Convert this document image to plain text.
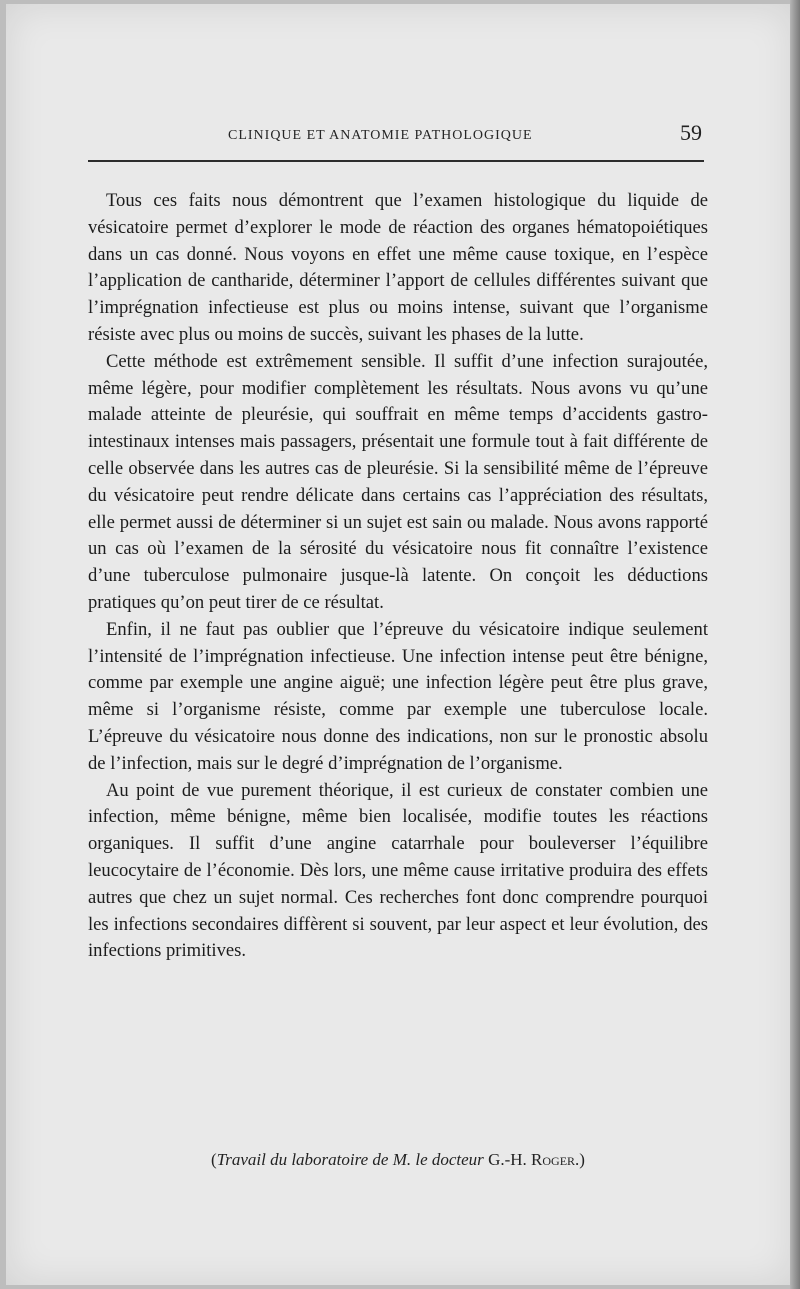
CLINIQUE ET ANATOMIE PATHOLOGIQUE	59

Tous ces faits nous démontrent que l’examen histologique du liquide de vésicatoire permet d’explorer le mode de réaction des organes hématopoiétiques dans un cas donné. Nous voyons en effet une même cause toxique, en l’espèce l’application de cantharide, déterminer l’apport de cellules différentes suivant que l’imprégnation infectieuse est plus ou moins intense, suivant que l’organisme résiste avec plus ou moins de succès, suivant les phases de la lutte.

Cette méthode est extrêmement sensible. Il suffit d’une infection surajoutée, même légère, pour modifier complètement les résultats. Nous avons vu qu’une malade atteinte de pleurésie, qui souffrait en même temps d’accidents gastro-intestinaux intenses mais passagers, présentait une formule tout à fait différente de celle observée dans les autres cas de pleurésie. Si la sensibilité même de l’épreuve du vésicatoire peut rendre délicate dans certains cas l’appréciation des résultats, elle permet aussi de déterminer si un sujet est sain ou malade. Nous avons rapporté un cas où l’examen de la sérosité du vésicatoire nous fit connaître l’existence d’une tuberculose pulmonaire jusque-là latente. On conçoit les déductions pratiques qu’on peut tirer de ce résultat.

Enfin, il ne faut pas oublier que l’épreuve du vésicatoire indique seulement l’intensité de l’imprégnation infectieuse. Une infection intense peut être bénigne, comme par exemple une angine aiguë; une infection légère peut être plus grave, même si l’organisme résiste, comme par exemple une tuberculose locale. L’épreuve du vésicatoire nous donne des indications, non sur le pronostic absolu de l’infection, mais sur le degré d’imprégnation de l’organisme.

Au point de vue purement théorique, il est curieux de constater combien une infection, même bénigne, même bien localisée, modifie toutes les réactions organiques. Il suffit d’une angine catarrhale pour bouleverser l’équilibre leucocytaire de l’économie. Dès lors, une même cause irritative produira des effets autres que chez un sujet normal. Ces recherches font donc comprendre pourquoi les infections secondaires diffèrent si souvent, par leur aspect et leur évolution, des infections primitives.

(Travail du laboratoire de M. le docteur G.-H. Roger.)
